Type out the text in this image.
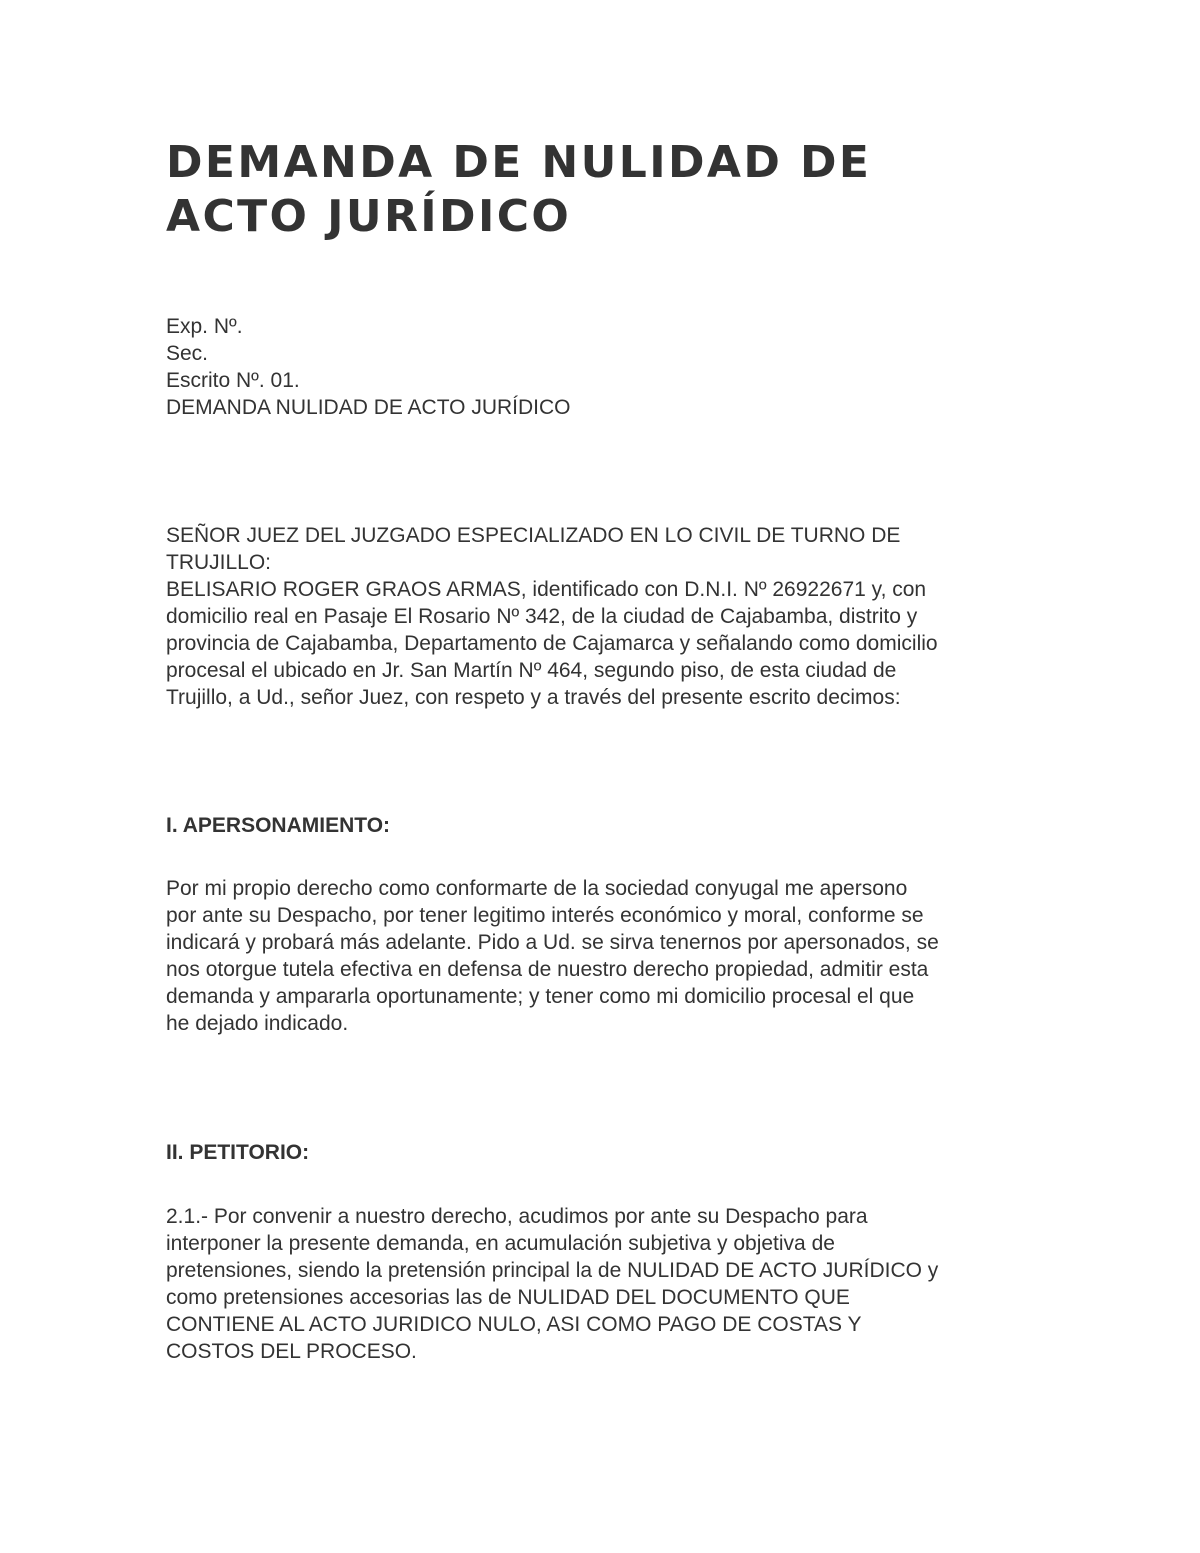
DEMANDA DE NULIDAD DE
ACTO JURÍDICO
Exp. Nº.
Sec.
Escrito Nº. 01.
DEMANDA NULIDAD DE ACTO JURÍDICO
SEÑOR JUEZ DEL JUZGADO ESPECIALIZADO EN LO CIVIL DE TURNO DE
TRUJILLO:
BELISARIO ROGER GRAOS ARMAS, identificado con D.N.I. Nº 26922671 y, con
domicilio real en Pasaje El Rosario Nº 342, de la ciudad de Cajabamba, distrito y
provincia de Cajabamba, Departamento de Cajamarca y señalando como domicilio
procesal el ubicado en Jr. San Martín Nº 464, segundo piso, de esta ciudad de
Trujillo, a Ud., señor Juez, con respeto y a través del presente escrito decimos:
I. APERSONAMIENTO:
Por mi propio derecho como conformarte de la sociedad conyugal me apersono
por ante su Despacho, por tener legitimo interés económico y moral, conforme se
indicará y probará más adelante. Pido a Ud. se sirva tenernos por apersonados, se
nos otorgue tutela efectiva en defensa de nuestro derecho propiedad, admitir esta
demanda y ampararla oportunamente; y tener como mi domicilio procesal el que
he dejado indicado.
II. PETITORIO:
2.1.- Por convenir a nuestro derecho, acudimos por ante su Despacho para
interponer la presente demanda, en acumulación subjetiva y objetiva de
pretensiones, siendo la pretensión principal la de NULIDAD DE ACTO JURÍDICO y
como pretensiones accesorias las de NULIDAD DEL DOCUMENTO QUE
CONTIENE AL ACTO JURIDICO NULO, ASI COMO PAGO DE COSTAS Y
COSTOS DEL PROCESO.
